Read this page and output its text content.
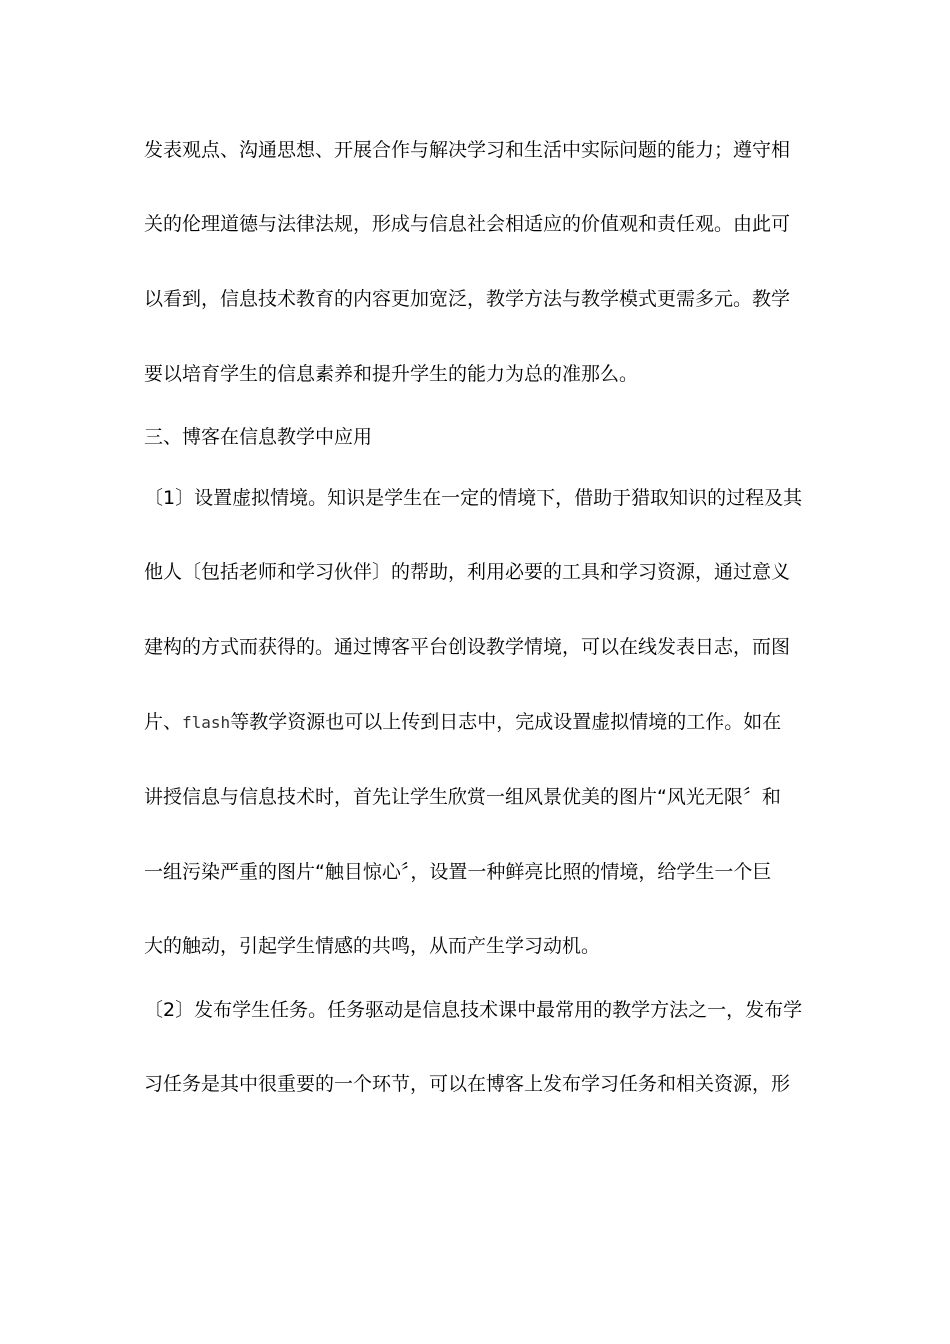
发表观点、沟通思想、开展合作与解决学习和生活中实际问题的能力；遵守相
关的伦理道德与法律法规，形成与信息社会相适应的价值观和责任观。由此可
以看到，信息技术教育的内容更加宽泛，教学方法与教学模式更需多元。教学
要以培育学生的信息素养和提升学生的能力为总的准那么。
三、博客在信息教学中应用
〔1〕设置虚拟情境。知识是学生在一定的情境下，借助于猎取知识的过程及其
他人〔包括老师和学习伙伴〕的帮助，利用必要的工具和学习资源，通过意义
建构的方式而获得的。通过博客平台创设教学情境，可以在线发表日志，而图
片、flash等教学资源也可以上传到日志中，完成设置虚拟情境的工作。如在
讲授信息与信息技术时，首先让学生欣赏一组风景优美的图片“风光无限〞和
一组污染严重的图片“触目惊心〞，设置一种鲜亮比照的情境，给学生一个巨
大的触动，引起学生情感的共鸣，从而产生学习动机。
〔2〕发布学生任务。任务驱动是信息技术课中最常用的教学方法之一，发布学
习任务是其中很重要的一个环节，可以在博客上发布学习任务和相关资源，形
